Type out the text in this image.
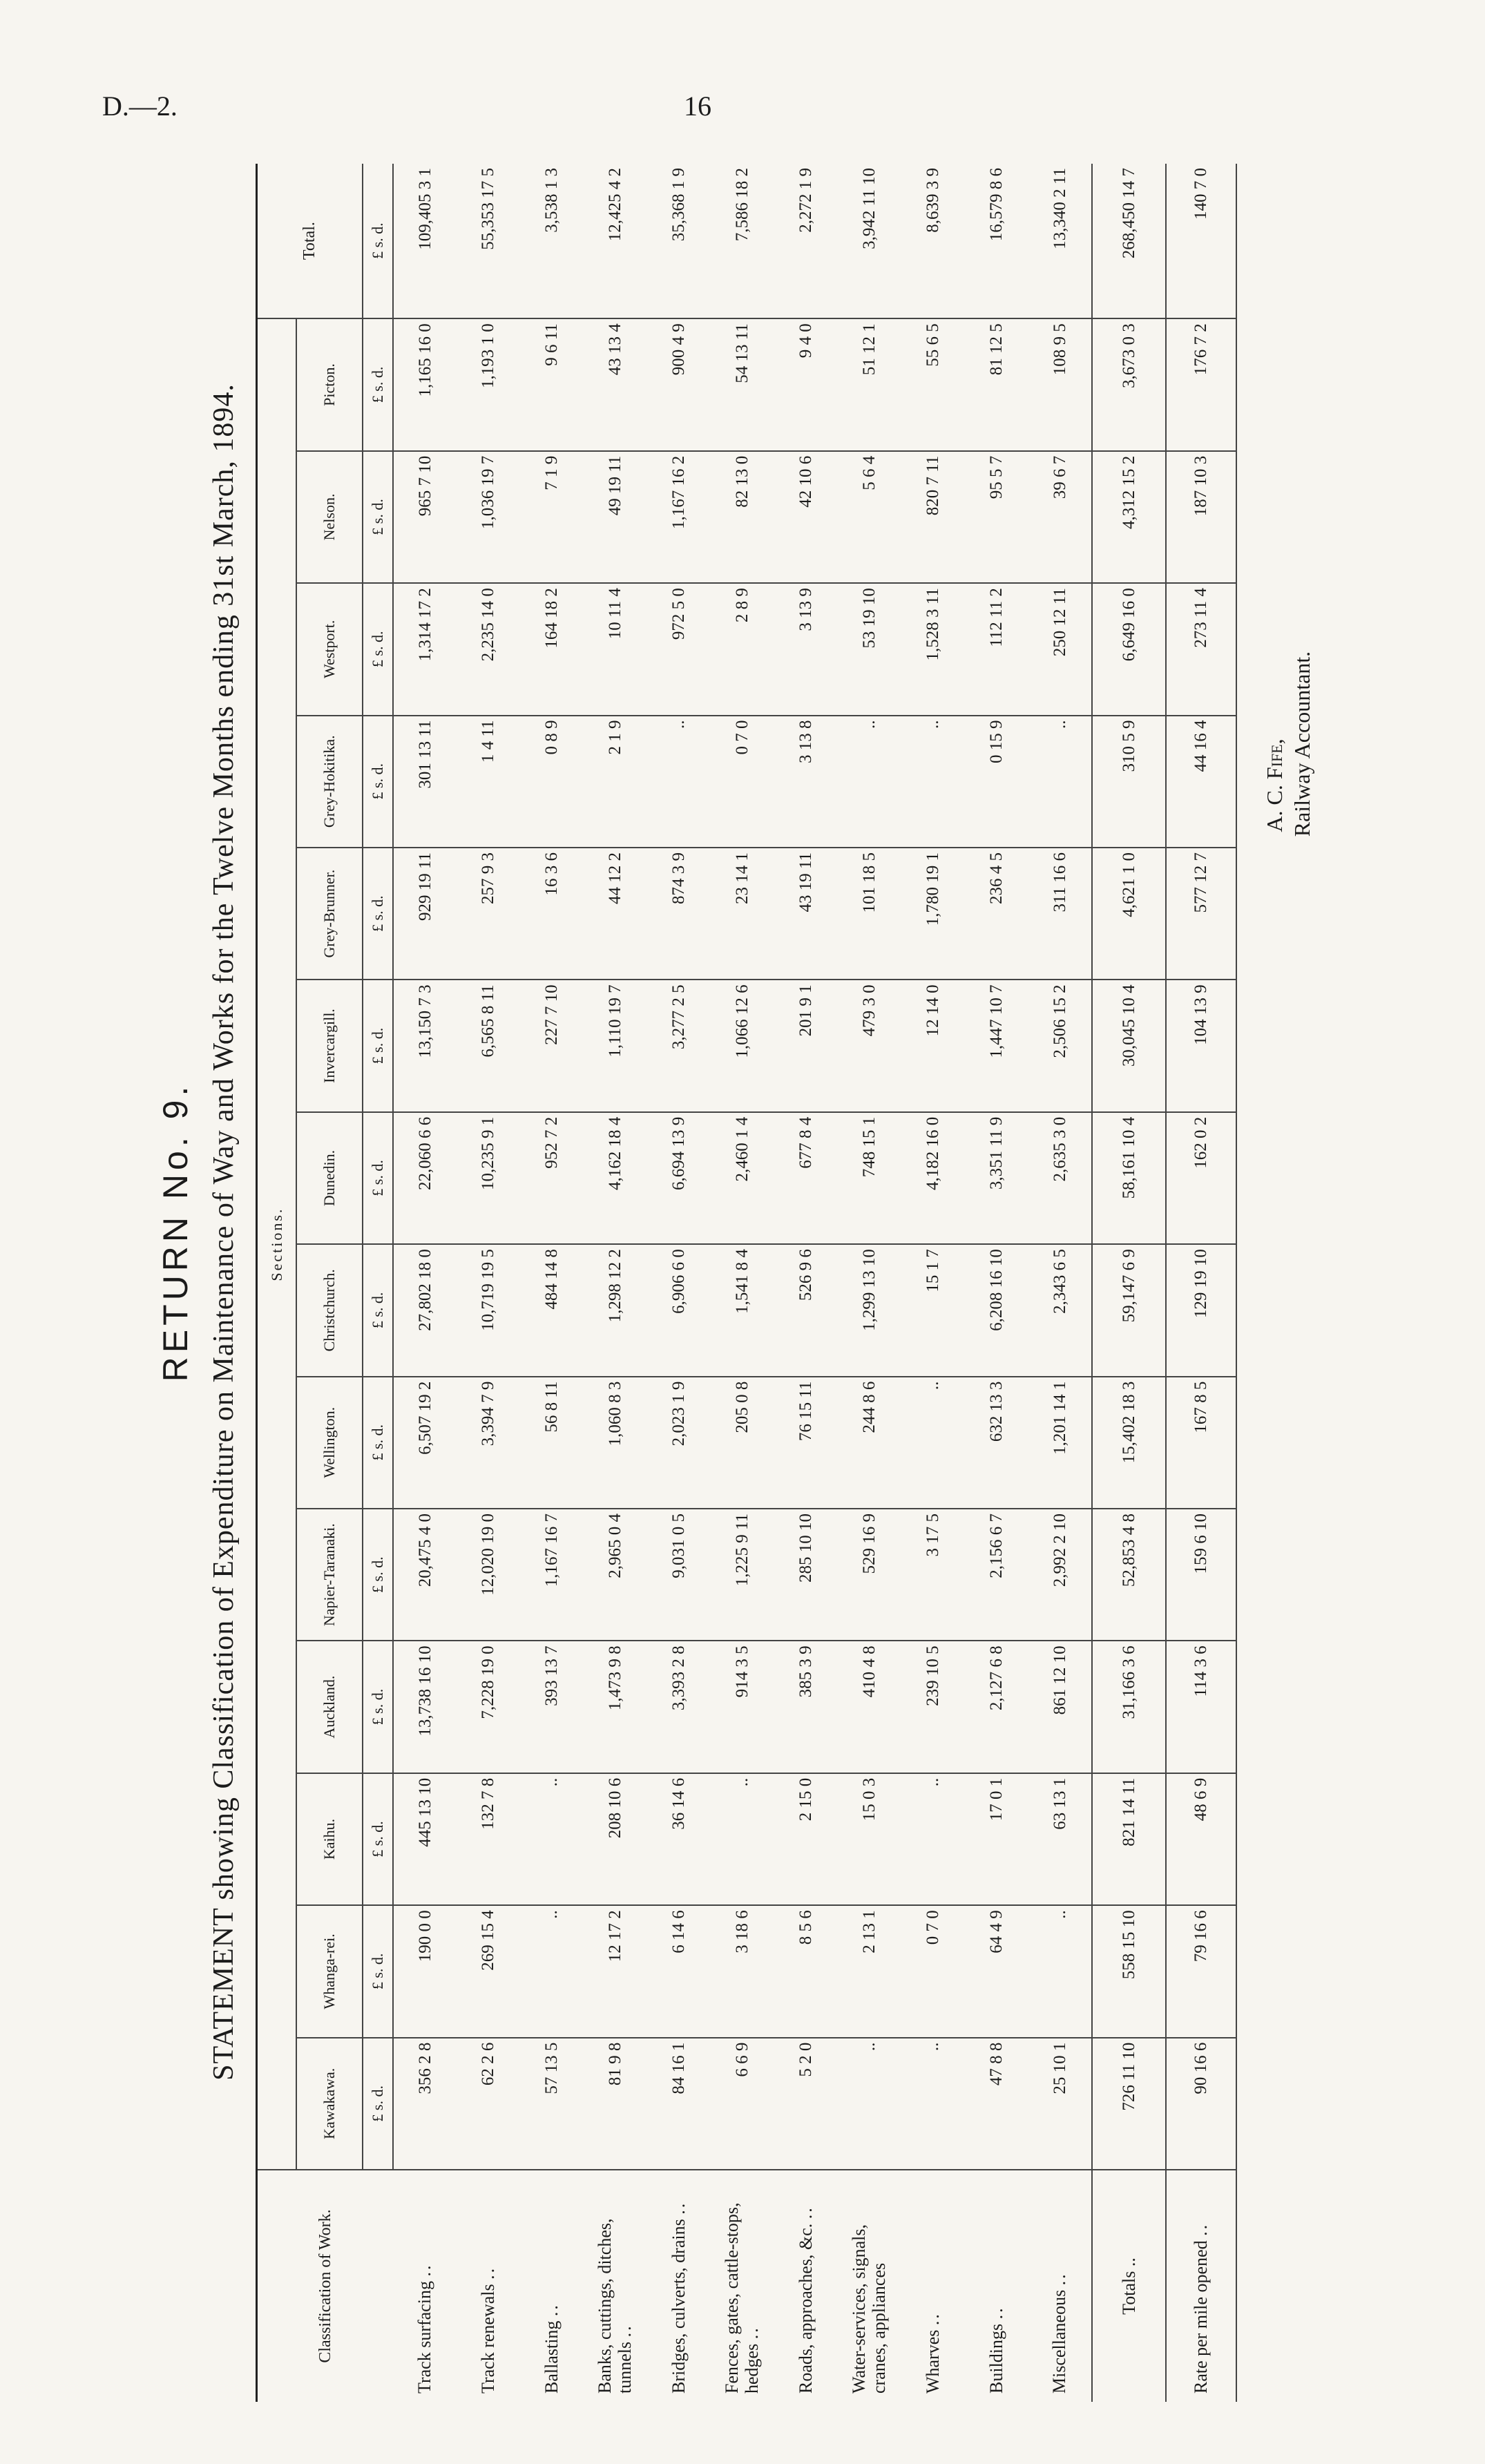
D.—2.	16
RETURN No. 9. STATEMENT showing Classification of Expenditure on Maintenance of Way and Works for the Twelve Months ending 31st March, 1894.
Classification of Work.	Sections.														Total.
	Kawakawa.	Whanga-rei.	Kaihu.	Auckland.	Napier-Taranaki.	Wellington.	Christchurch.	Dunedin.	Invercargill.	Grey-Brunner.	Grey-Hokitika.	Westport.	Nelson.	Picton.	
	£ s. d.	£ s. d.	£ s. d.	£ s. d.	£ s. d.	£ s. d.	£ s. d.	£ s. d.	£ s. d.	£ s. d.	£ s. d.	£ s. d.	£ s. d.	£ s. d.	£ s. d.
Track surfacing ..	356 2 8	190 0 0	445 13 10	13,738 16 10	20,475 4 0	6,507 19 2	27,802 18 0	22,060 6 6	13,150 7 3	929 19 11	301 13 11	1,314 17 2	965 7 10	1,165 16 0	109,405 3 1
Track renewals ..	62 2 6	269 15 4	132 7 8	7,228 19 0	12,020 19 0	3,394 7 9	10,719 19 5	10,235 9 1	6,565 8 11	257 9 3	1 4 11	2,235 14 0	1,036 19 7	1,193 1 0	55,353 17 5
Ballasting ..	57 13 5	..	..	393 13 7	1,167 16 7	56 8 11	484 14 8	952 7 2	227 7 10	16 3 6	0 8 9	164 18 2	7 1 9	9 6 11	3,538 1 3
Banks, cuttings, ditches, tunnels ..	81 9 8	12 17 2	208 10 6	1,473 9 8	2,965 0 4	1,060 8 3	1,298 12 2	4,162 18 4	1,110 19 7	44 12 2	2 1 9	10 11 4	49 19 11	43 13 4	12,425 4 2
Bridges, culverts, drains ..	84 16 1	6 14 6	36 14 6	3,393 2 8	9,031 0 5	2,023 1 9	6,906 6 0	6,694 13 9	3,277 2 5	874 3 9	..	972 5 0	1,167 16 2	900 4 9	35,368 1 9
Fences, gates, cattle-stops, hedges ..	6 6 9	3 18 6	..	914 3 5	1,225 9 11	205 0 8	1,541 8 4	2,460 1 4	1,066 12 6	23 14 1	0 7 0	2 8 9	82 13 0	54 13 11	7,586 18 2
Roads, approaches, &c. ..	5 2 0	8 5 6	2 15 0	385 3 9	285 10 10	76 15 11	526 9 6	677 8 4	201 9 1	43 19 11	3 13 8	3 13 9	42 10 6	9 4 0	2,272 1 9
Water-services, signals, cranes, appliances	..	2 13 1	15 0 3	410 4 8	529 16 9	244 8 6	1,299 13 10	748 15 1	479 3 0	101 18 5	..	53 19 10	5 6 4	51 12 1	3,942 11 10
Wharves ..	..	0 7 0	..	239 10 5	3 17 5	..	15 1 7	4,182 16 0	12 14 0	1,780 19 1	..	1,528 3 11	820 7 11	55 6 5	8,639 3 9
Buildings ..	47 8 8	64 4 9	17 0 1	2,127 6 8	2,156 6 7	632 13 3	6,208 16 10	3,351 11 9	1,447 10 7	236 4 5	0 15 9	112 11 2	95 5 7	81 12 5	16,579 8 6
Miscellaneous ..	25 10 1	..	63 13 1	861 12 10	2,992 2 10	1,201 14 1	2,343 6 5	2,635 3 0	2,506 15 2	311 16 6	..	250 12 11	39 6 7	108 9 5	13,340 2 11
Totals ..	726 11 10	558 15 10	821 14 11	31,166 3 6	52,853 4 8	15,402 18 3	59,147 6 9	58,161 10 4	30,045 10 4	4,621 1 0	310 5 9	6,649 16 0	4,312 15 2	3,673 0 3	268,450 14 7
Rate per mile opened ..	90 16 6	79 16 6	48 6 9	114 3 6	159 6 10	167 8 5	129 19 10	162 0 2	104 13 9	577 12 7	44 16 4	273 11 4	187 10 3	176 7 2	140 7 0
A. C. Fife, Railway Accountant.
